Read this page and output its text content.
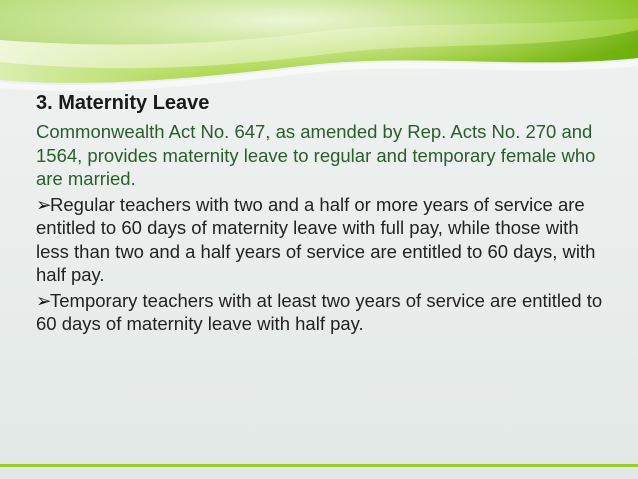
3. Maternity Leave

Commonwealth Act No. 647, as amended by Rep. Acts No. 270 and 1564, provides maternity leave to regular and temporary female who are married.

➢Regular teachers with two and a half or more years of service are entitled to 60 days of maternity leave with full pay, while those with less than two and a half years of service are entitled to 60 days, with half pay.

➢Temporary teachers with at least two years of service are entitled to 60 days of maternity leave with half pay.
